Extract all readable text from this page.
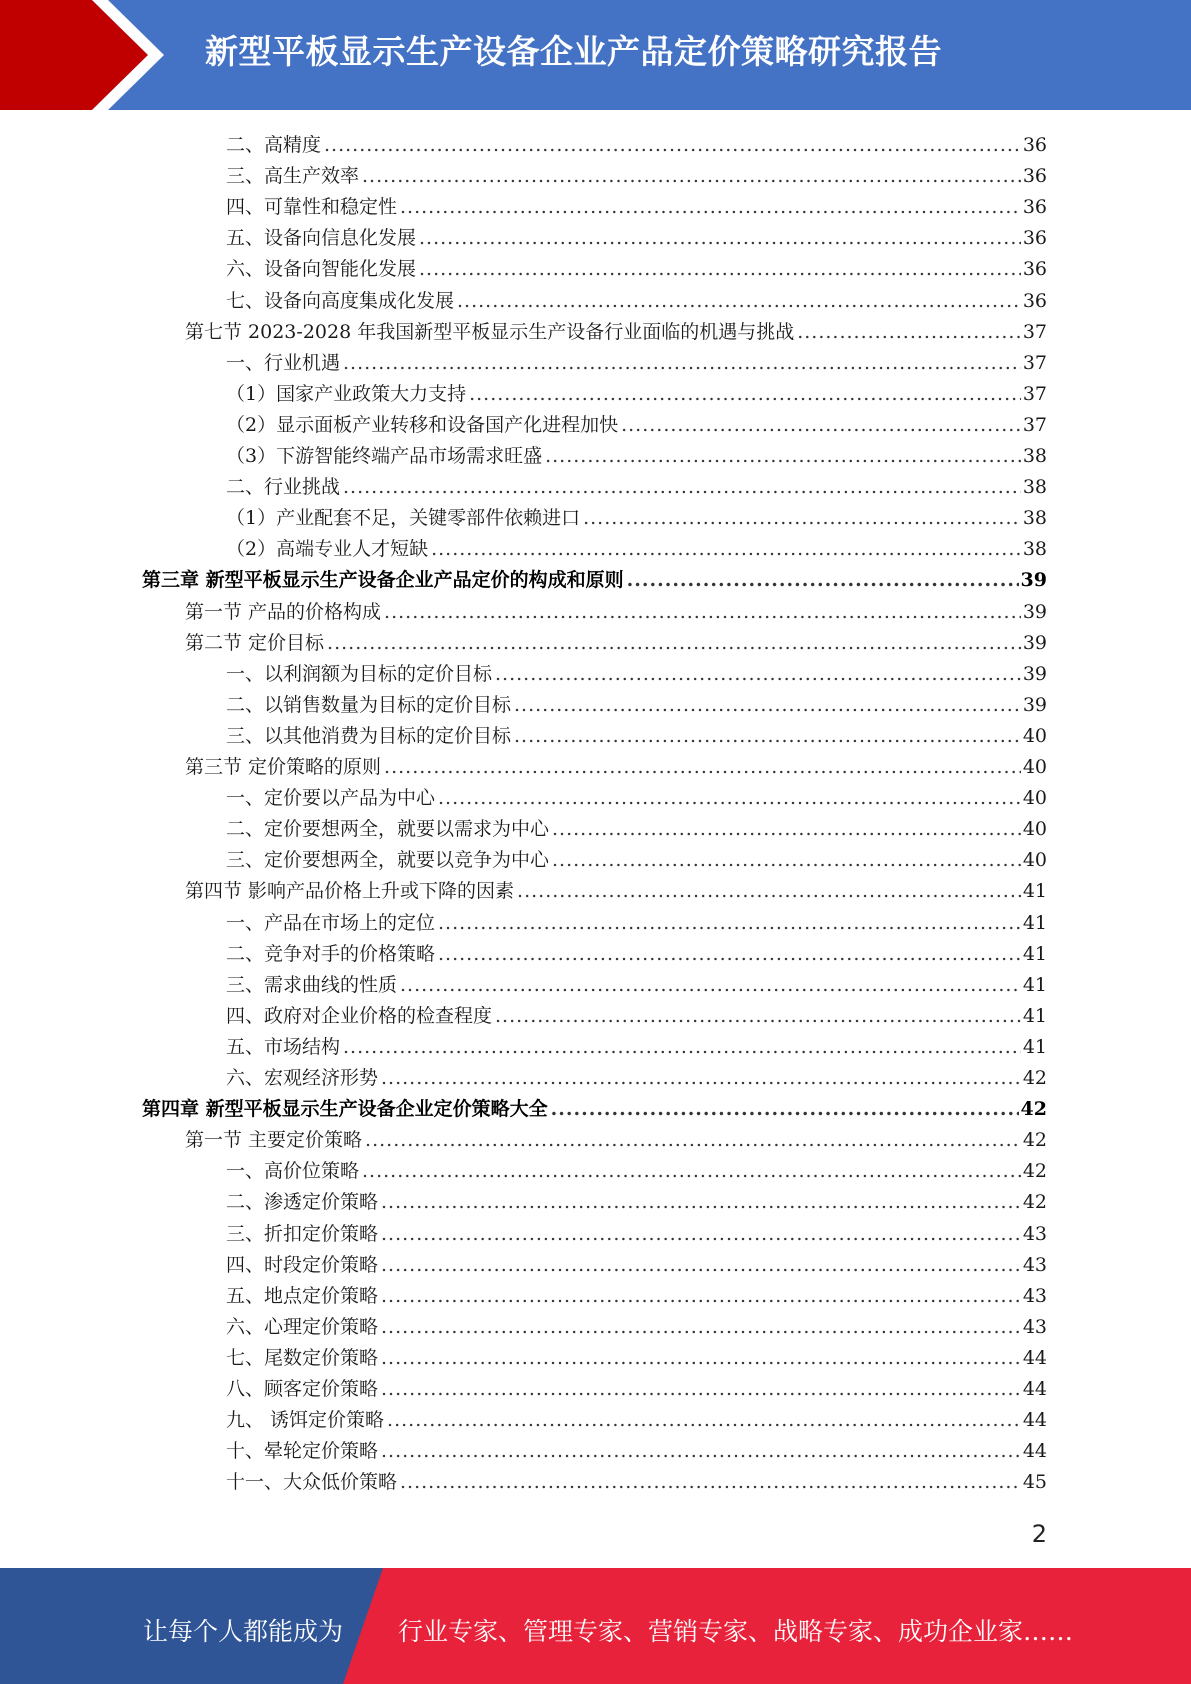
新型平板显示生产设备企业产品定价策略研究报告
二、高精度 .....	36
三、高生产效率 .....	36
四、可靠性和稳定性 .....	36
五、设备向信息化发展 .....	36
六、设备向智能化发展 .....	36
七、设备向高度集成化发展 .....	36
第七节 2023-2028 年我国新型平板显示生产设备行业面临的机遇与挑战 .....	37
一、行业机遇 .....	37
（1）国家产业政策大力支持 .....	37
（2）显示面板产业转移和设备国产化进程加快 .....	37
（3）下游智能终端产品市场需求旺盛 .....	38
二、行业挑战 .....	38
（1）产业配套不足，关键零部件依赖进口 .....	38
（2）高端专业人才短缺 .....	38
第三章 新型平板显示生产设备企业产品定价的构成和原则 .....	39
第一节 产品的价格构成 .....	39
第二节 定价目标 .....	39
一、以利润额为目标的定价目标 .....	39
二、以销售数量为目标的定价目标 .....	39
三、以其他消费为目标的定价目标 .....	40
第三节 定价策略的原则 .....	40
一、定价要以产品为中心 .....	40
二、定价要想两全，就要以需求为中心 .....	40
三、定价要想两全，就要以竞争为中心 .....	40
第四节 影响产品价格上升或下降的因素 .....	41
一、产品在市场上的定位 .....	41
二、竞争对手的价格策略 .....	41
三、需求曲线的性质 .....	41
四、政府对企业价格的检查程度 .....	41
五、市场结构 .....	41
六、宏观经济形势 .....	42
第四章 新型平板显示生产设备企业定价策略大全 .....	42
第一节 主要定价策略 .....	42
一、高价位策略 .....	42
二、渗透定价策略 .....	42
三、折扣定价策略 .....	43
四、时段定价策略 .....	43
五、地点定价策略 .....	43
六、心理定价策略 .....	43
七、尾数定价策略 .....	44
八、顾客定价策略 .....	44
九、 诱饵定价策略 .....	44
十、晕轮定价策略 .....	44
十一、大众低价策略 .....	45
2
让每个人都能成为 行业专家、管理专家、营销专家、战略专家、成功企业家……
